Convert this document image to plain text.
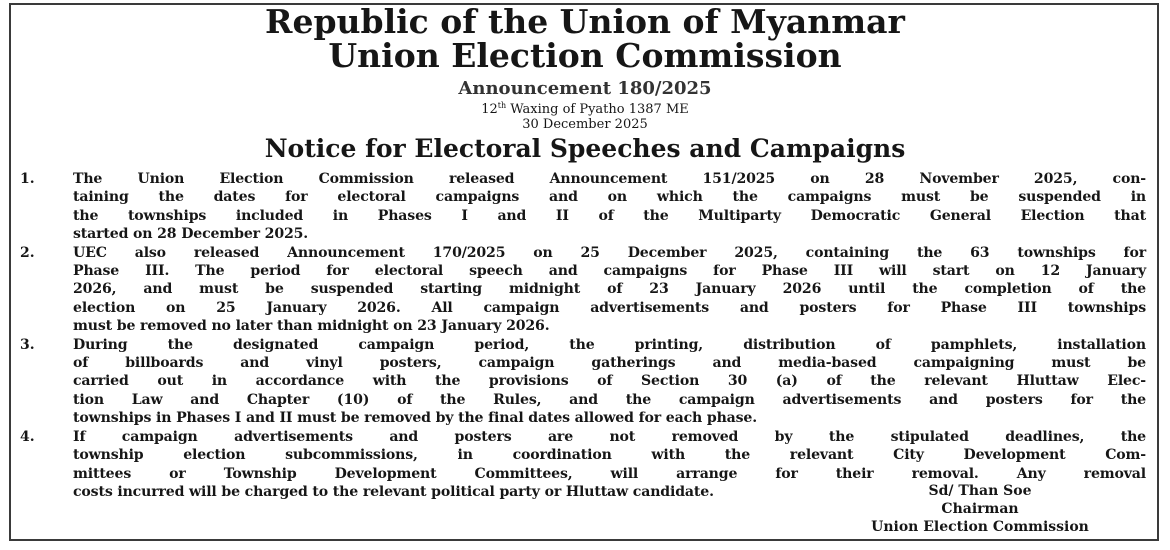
Republic of the Union of Myanmar
Union Election Commission
Announcement 180/2025
12th Waxing of Pyatho 1387 ME
30 December 2025
Notice for Electoral Speeches and Campaigns
1.	The Union Election Commission released Announcement 151/2025 on 28 November 2025, con-
taining the dates for electoral campaigns and on which the campaigns must be suspended in
the townships included in Phases I and II of the Multiparty Democratic General Election that
started on 28 December 2025.

2.	UEC also released Announcement 170/2025 on 25 December 2025, containing the 63 townships for
Phase III. The period for electoral speech and campaigns for Phase III will start on 12 January
2026, and must be suspended starting midnight of 23 January 2026 until the completion of the
election on 25 January 2026. All campaign advertisements and posters for Phase III townships
must be removed no later than midnight on 23 January 2026.

3.	During the designated campaign period, the printing, distribution of pamphlets, installation
of billboards and vinyl posters, campaign gatherings and media-based campaigning must be
carried out in accordance with the provisions of Section 30 (a) of the relevant Hluttaw Elec-
tion Law and Chapter (10) of the Rules, and the campaign advertisements and posters for the
townships in Phases I and II must be removed by the final dates allowed for each phase.

4.	If campaign advertisements and posters are not removed by the stipulated deadlines, the
township election subcommissions, in coordination with the relevant City Development Com-
mittees or Township Development Committees, will arrange for their removal. Any removal
costs incurred will be charged to the relevant political party or Hluttaw candidate.	Sd/ Than Soe
Chairman
Union Election Commission
